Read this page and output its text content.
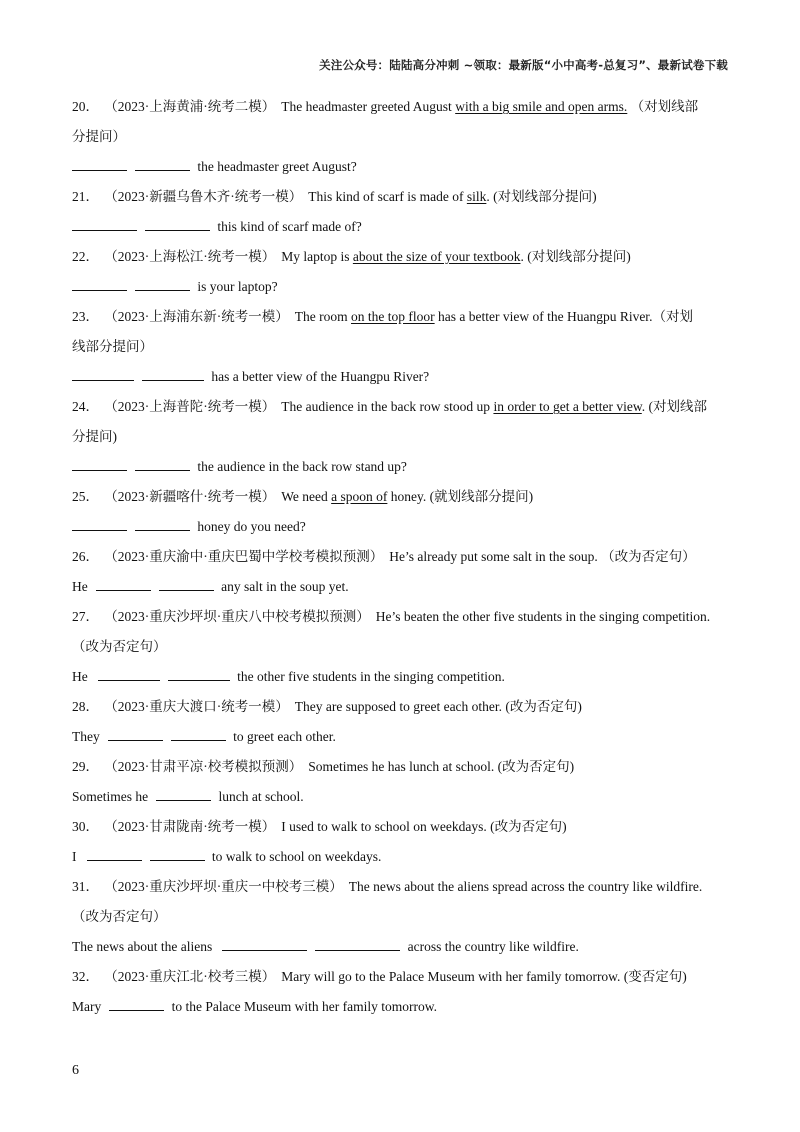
关注公众号：陆陆高分冲刺 ~领取：最新版“小中高考-总复习”、最新试卷下载
20． （2023·上海黄浦·统考二模） The headmaster greeted August with a big smile and open arms. （对划线部
分提问）
the headmaster greet August?
21． （2023·新疆乌鲁木齐·统考一模） This kind of scarf is made of silk. (对划线部分提问)
this kind of scarf made of?
22． （2023·上海松江·统考一模） My laptop is about the size of your textbook. (对划线部分提问)
is your laptop?
23． （2023·上海浦东新·统考一模） The room on the top floor has a better view of the Huangpu River.（对划
线部分提问）
has a better view of the Huangpu River?
24． （2023·上海普陀·统考一模） The audience in the back row stood up in order to get a better view. (对划线部
分提问)
the audience in the back row stand up?
25． （2023·新疆喀什·统考一模） We need a spoon of honey. (就划线部分提问)
honey do you need?
26． （2023·重庆渝中·重庆巴蜀中学校考模拟预测） He’s already put some salt in the soup. （改为否定句）
He	any salt in the soup yet.
27． （2023·重庆沙坪坝·重庆八中校考模拟预测） He’s beaten the other five students in the singing competition.
（改为否定句）
He	the other five students in the singing competition.
28． （2023·重庆大渡口·统考一模） They are supposed to greet each other. (改为否定句)
They	to greet each other.
29． （2023·甘肃平凉·校考模拟预测） Sometimes he has lunch at school. (改为否定句)
Sometimes he	lunch at school.
30． （2023·甘肃陇南·统考一模） I used to walk to school on weekdays. (改为否定句)
I	to walk to school on weekdays.
31． （2023·重庆沙坪坝·重庆一中校考三模） The news about the aliens spread across the country like wildfire.
（改为否定句）
The news about the aliens	across the country like wildfire.
32． （2023·重庆江北·校考三模） Mary will go to the Palace Museum with her family tomorrow. (变否定句)
Mary	to the Palace Museum with her family tomorrow.
6
